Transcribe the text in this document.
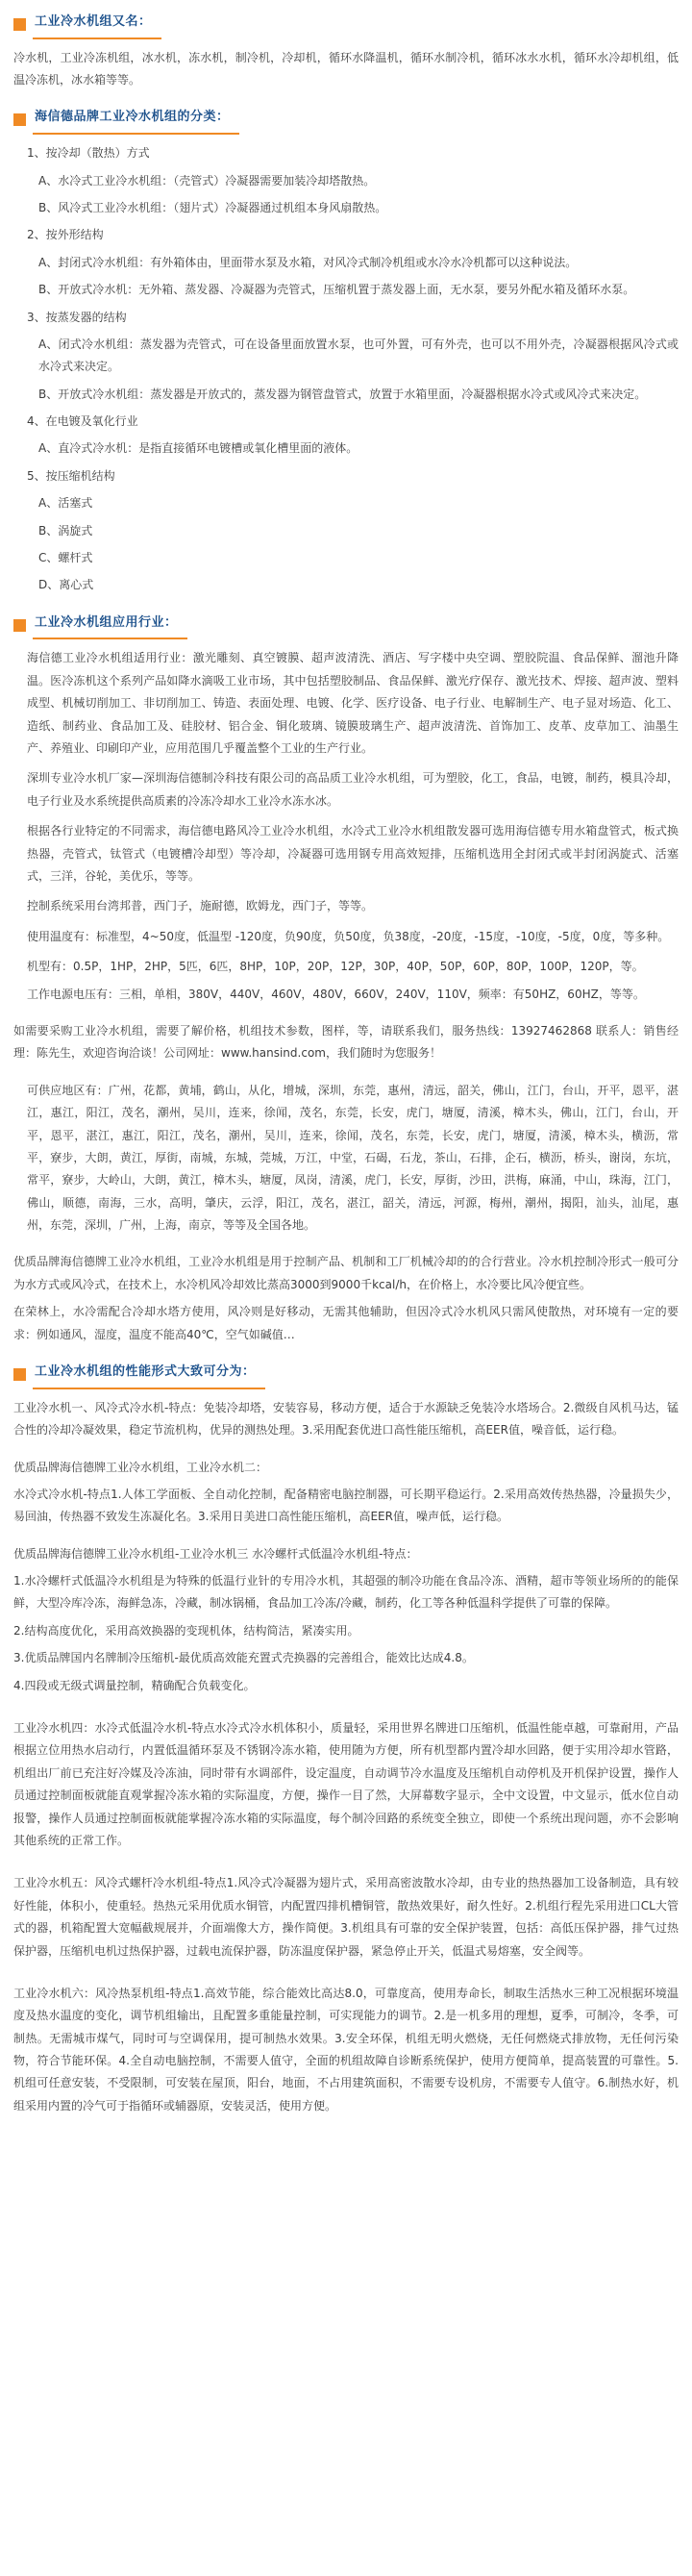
工业冷水机组又名：

冷水机，工业冷冻机组，冰水机，冻水机，制冷机，冷却机，循环水降温机，循环水制冷机，循环冰水水机，循环水冷却机组，低温冷冻机，冰水箱等等。

海信德品牌工业冷水机组的分类：

1、按冷却（散热）方式

A、水冷式工业冷水机组：（壳管式）冷凝器需要加装冷却塔散热。

B、风冷式工业冷水机组：（翅片式）冷凝器通过机组本身风扇散热。

2、按外形结构

A、封闭式冷水机组：有外箱体由，里面带水泵及水箱，对风冷式制冷机组或水冷水冷机都可以这种说法。

B、开放式冷水机：无外箱、蒸发器、冷凝器为壳管式，压缩机置于蒸发器上面，无水泵，要另外配水箱及循环水泵。

3、按蒸发器的结构

A、闭式冷水机组：蒸发器为壳管式，可在设备里面放置水泵，也可外置，可有外壳，也可以不用外壳，冷凝器根据风冷式或水冷式来决定。

B、开放式冷水机组：蒸发器是开放式的，蒸发器为钢管盘管式，放置于水箱里面，冷凝器根据水冷式或风冷式来决定。

4、在电镀及氧化行业

A、直冷式冷水机：是指直接循环电镀槽或氧化槽里面的液体。

5、按压缩机结构

A、活塞式

B、涡旋式

C、螺杆式

D、离心式

工业冷水机组应用行业：

海信德工业冷水机组适用行业：激光雕刻、真空镀膜、超声波清洗、酒店、写字楼中央空调、塑胶院温、食品保鲜、溜池升降温。医冷冻机这个系列产品如降水滴吸工业市场，其中包括塑胶制品、食品保鲜、激光疗保存、激光技术、焊接、超声波、塑料成型、机械切削加工、非切削加工、铸造、表面处理、电镀、化学、医疗设备、电子行业、电解制生产、电子显对场造、化工、造纸、制药业、食品加工及、硅胶材、铝合金、铜化玻璃、镜膜玻璃生产、超声波清洗、首饰加工、皮革、皮草加工、油墨生产、养殖业、印刷印产业，应用范围几乎覆盖整个工业的生产行业。

深圳专业冷水机厂家—深圳海信德制冷科技有限公司的高品质工业冷水机组，可为塑胶，化工，食品，电镀，制药，模具冷却，电子行业及水系统提供高质素的冷冻冷却水工业冷水冻水冰。

根据各行业特定的不同需求，海信德电路风冷工业冷水机组，水冷式工业冷水机组散发器可选用海信德专用水箱盘管式，板式换热器，壳管式，钛管式（电镀槽冷却型）等冷却，冷凝器可选用钢专用高效短排，压缩机选用全封闭式或半封闭涡旋式、活塞式，三洋，谷轮，美优乐，等等。

控制系统采用台湾邦普，西门子，施耐德，欧姆龙，西门子，等等。

使用温度有：标准型，4~50度，低温型 -120度，负90度，负50度，负38度，-20度，-15度，-10度，-5度，0度，等多种。

机型有：0.5P，1HP，2HP，5匹，6匹，8HP，10P，20P，12P，30P，40P，50P，60P，80P，100P，120P，等。

工作电源电压有：三相，单相，380V，440V，460V，480V，660V，240V，110V，频率：有50HZ，60HZ，等等。

如需要采购工业冷水机组，需要了解价格，机组技术参数，图样，等，请联系我们，服务热线：13927462868 联系人：销售经理：陈先生，欢迎咨询洽谈！公司网址：www.hansind.com，我们随时为您服务！

可供应地区有：广州，花都，黄埔，鹤山，从化，增城，深圳，东莞，惠州，清远，韶关，佛山，江门，台山，开平，恩平，湛江，惠江，阳江，茂名，潮州，吴川，连来，徐闻，茂名，东莞，长安，虎门，塘厦，清溪，樟木头，佛山，江门，台山，开平，恩平，湛江，惠江，阳江，茂名，潮州，吴川，连来，徐闻，茂名，东莞，长安，虎门，塘厦，清溪，樟木头，横沥，常平，寮步，大朗，黄江，厚街，南城，东城，莞城，万江，中堂，石碣，石龙，茶山，石排，企石，横沥，桥头，谢岗，东坑，常平，寮步，大岭山，大朗，黄江，樟木头，塘厦，凤岗，清溪，虎门，长安，厚街，沙田，洪梅，麻涌，中山，珠海，江门，佛山，顺德，南海，三水，高明，肇庆，云浮，阳江，茂名，湛江，韶关，清远，河源，梅州，潮州，揭阳，汕头，汕尾，惠州，东莞，深圳，广州，上海，南京，等等及全国各地。

优质品牌海信德牌工业冷水机组，工业冷水机组是用于控制产品、机制和工厂机械冷却的的合行营业。冷水机控制冷形式一般可分为水方式或风冷式，在技术上，水冷机风冷却效比蒸高3000到9000千kcal/h，在价格上，水冷要比风冷便宜些。

在荣林上，水冷需配合冷却水塔方使用，风冷则是好移动，无需其他辅助，但因冷式冷水机风只需风使散热，对环境有一定的要求：例如通风，湿度，温度不能高40℃，空气如碱值…

工业冷水机组的性能形式大致可分为：

工业冷水机一、风冷式冷水机-特点：免装冷却塔，安装容易，移动方便，适合于水源缺乏免装冷水塔场合。2.微级自风机马达，锰合性的冷却冷凝效果，稳定节流机构，优异的测热处理。3.采用配套优进口高性能压缩机，高EER值，噪音低，运行稳。

优质品牌海信德牌工业冷水机组，工业冷水机二：

水冷式冷水机-特点1.人体工学面板、全自动化控制，配备精密电脑控制器，可长期平稳运行。2.采用高效传热热器，冷量损失少，易回油，传热器不致发生冻凝化名。3.采用日美进口高性能压缩机，高EER值，噪声低，运行稳。

优质品牌海信德牌工业冷水机组-工业冷水机三 水冷螺杆式低温冷水机组-特点：

1.水冷螺杆式低温冷水机组是为特殊的低温行业针的专用冷水机，其超强的制冷功能在食品冷冻、酒精，超市等领业场所的的能保鲜，大型冷库冷冻，海鲜急冻，冷藏，制冰锅桶，食品加工冷冻/冷藏，制药，化工等各种低温科学提供了可靠的保障。

2.结构高度优化，采用高效换器的变现机体，结构简洁，紧凑实用。

3.优质品牌国内名牌制冷压缩机-最优质高效能充置式壳换器的完善组合，能效比达成4.8。

4.四段或无级式调量控制，精确配合负载变化。

工业冷水机四：水冷式低温冷水机-特点水冷式冷水机体积小，质量轻，采用世界名牌进口压缩机，低温性能卓越，可靠耐用，产品根据立位用热水启动行，内置低温循环泵及不锈钢冷冻水箱，使用随为方便，所有机型都内置冷却水回路，便于实用冷却水管路，机组出厂前已充注好冷媒及冷冻油，同时带有水调部件，设定温度，自动调节冷水温度及压缩机自动停机及开机保护设置，操作人员通过控制面板就能直观掌握冷冻水箱的实际温度，方便，操作一目了然，大屏幕数字显示，全中文设置，中文显示，低水位自动报警，操作人员通过控制面板就能掌握冷冻水箱的实际温度，每个制冷回路的系统变全独立，即使一个系统出现问题，亦不会影响其他系统的正常工作。

工业冷水机五：风冷式螺杆冷水机组-特点1.风冷式冷凝器为翅片式，采用高密波散水冷却，由专业的热热器加工设备制造，具有较好性能，体积小，使重轻。热热元采用优质水铜管，内配置四排机槽铜管，散热效果好，耐久性好。2.机组行程先采用进口CL大管式的器，机箱配置大宽幅截规展并，介面端像大方，操作简便。3.机组具有可靠的安全保护装置，包括：高低压保护器，排气过热保护器，压缩机电机过热保护器，过载电流保护器，防冻温度保护器，紧急停止开关，低温式易熔塞，安全阀等。

工业冷水机六：风冷热泵机组-特点1.高效节能，综合能效比高达8.0，可靠度高，使用寿命长，制取生活热水三种工况根据环境温度及热水温度的变化，调节机组输出，且配置多重能量控制，可实现能力的调节。2.是一机多用的理想，夏季，可制冷，冬季，可制热。无需城市煤气，同时可与空调保用，提可制热水效果。3.安全环保，机组无明火燃烧，无任何燃烧式排放物，无任何污染物，符合节能环保。4.全自动电脑控制，不需要人值守，全面的机组故障自诊断系统保护，使用方便简单，提高装置的可靠性。5.机组可任意安装，不受限制，可安装在屋顶，阳台，地面，不占用建筑面积，不需要专设机房，不需要专人值守。6.制热水好，机组采用内置的冷气可于指循环或辅器原，安装灵活，使用方便。
